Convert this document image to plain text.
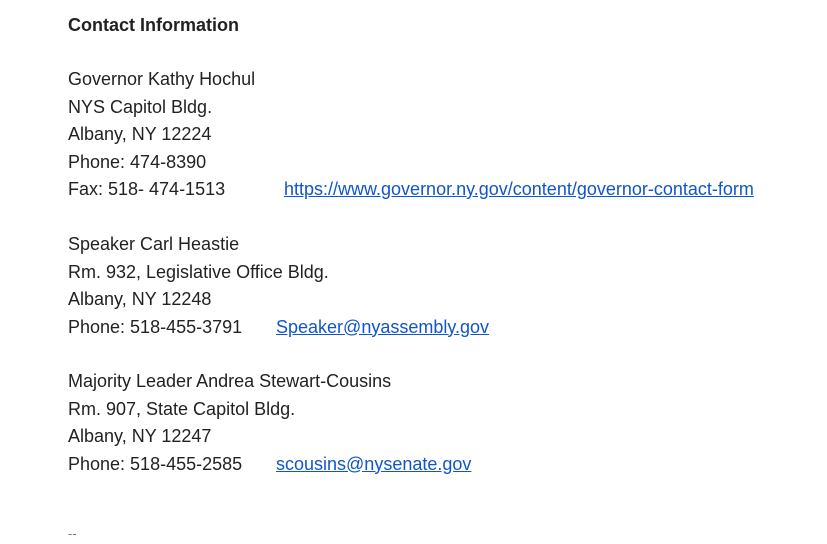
Contact Information
Governor Kathy Hochul
NYS Capitol Bldg.
Albany, NY 12224
Phone: 474-8390
Fax: 518- 474-1513	https://www.governor.ny.gov/content/governor-contact-form
Speaker Carl Heastie
Rm. 932, Legislative Office Bldg.
Albany, NY 12248
Phone: 518-455-3791 Speaker@nyassembly.gov
Majority Leader Andrea Stewart-Cousins
Rm. 907, State Capitol Bldg.
Albany, NY 12247
Phone: 518-455-2585 scousins@nysenate.gov
--
